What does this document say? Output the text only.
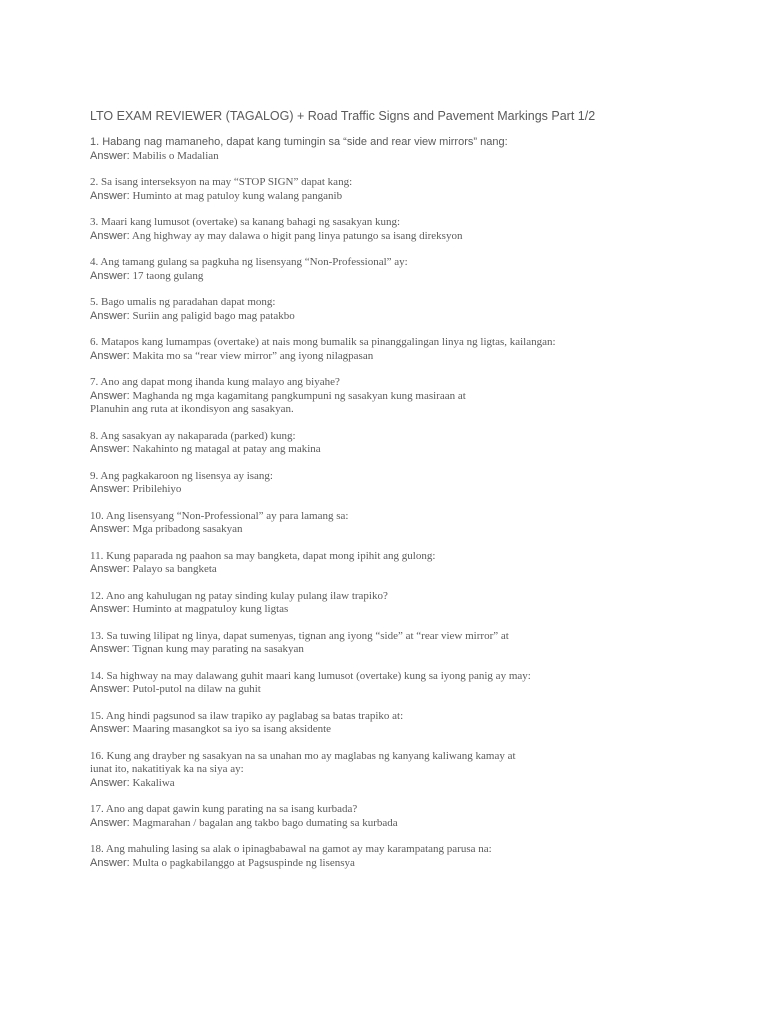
LTO EXAM REVIEWER (TAGALOG) + Road Traffic Signs and Pavement Markings Part 1/2
1. Habang nag mamaneho, dapat kang tumingin sa “side and rear view mirrors” nang:
Answer: Mabilis o Madalian
2. Sa isang interseksyon na may “STOP SIGN” dapat kang:
Answer: Huminto at mag patuloy kung walang panganib
3. Maari kang lumusot (overtake) sa kanang bahagi ng sasakyan kung:
Answer: Ang highway ay may dalawa o higit pang linya patungo sa isang direksyon
4. Ang tamang gulang sa pagkuha ng lisensyang “Non-Professional” ay:
Answer: 17 taong gulang
5. Bago umalis ng paradahan dapat mong:
Answer: Suriin ang paligid bago mag patakbo
6. Matapos kang lumampas (overtake) at nais mong bumalik sa pinanggalingan linya ng ligtas, kailangan:
Answer: Makita mo sa “rear view mirror” ang iyong nilagpasan
7. Ano ang dapat mong ihanda kung malayo ang biyahe?
Answer: Maghanda ng mga kagamitang pangkumpuni ng sasakyan kung masiraan at
Planuhin ang ruta at ikondisyon ang sasakyan.
8. Ang sasakyan ay nakaparada (parked) kung:
Answer: Nakahinto ng matagal at patay ang makina
9. Ang pagkakaroon ng lisensya ay isang:
Answer: Pribilehiyo
10. Ang lisensyang “Non-Professional” ay para lamang sa:
Answer: Mga pribadong sasakyan
11. Kung paparada ng paahon sa may bangketa, dapat mong ipihit ang gulong:
Answer: Palayo sa bangketa
12. Ano ang kahulugan ng patay sinding kulay pulang ilaw trapiko?
Answer: Huminto at magpatuloy kung ligtas
13. Sa tuwing lilipat ng linya, dapat sumenyas, tignan ang iyong “side” at “rear view mirror” at
Answer: Tignan kung may parating na sasakyan
14. Sa highway na may dalawang guhit maari kang lumusot (overtake) kung sa iyong panig ay may:
Answer: Putol-putol na dilaw na guhit
15. Ang hindi pagsunod sa ilaw trapiko ay paglabag sa batas trapiko at:
Answer: Maaring masangkot sa iyo sa isang aksidente
16. Kung ang drayber ng sasakyan na sa unahan mo ay maglabas ng kanyang kaliwang kamay at
iunat ito, nakatitiyak ka na siya ay:
Answer: Kakaliwa
17. Ano ang dapat gawin kung parating na sa isang kurbada?
Answer: Magmarahan / bagalan ang takbo bago dumating sa kurbada
18. Ang mahuling lasing sa alak o ipinagbabawal na gamot ay may karampatang parusa na:
Answer: Multa o pagkabilanggo at Pagsuspinde ng lisensya
